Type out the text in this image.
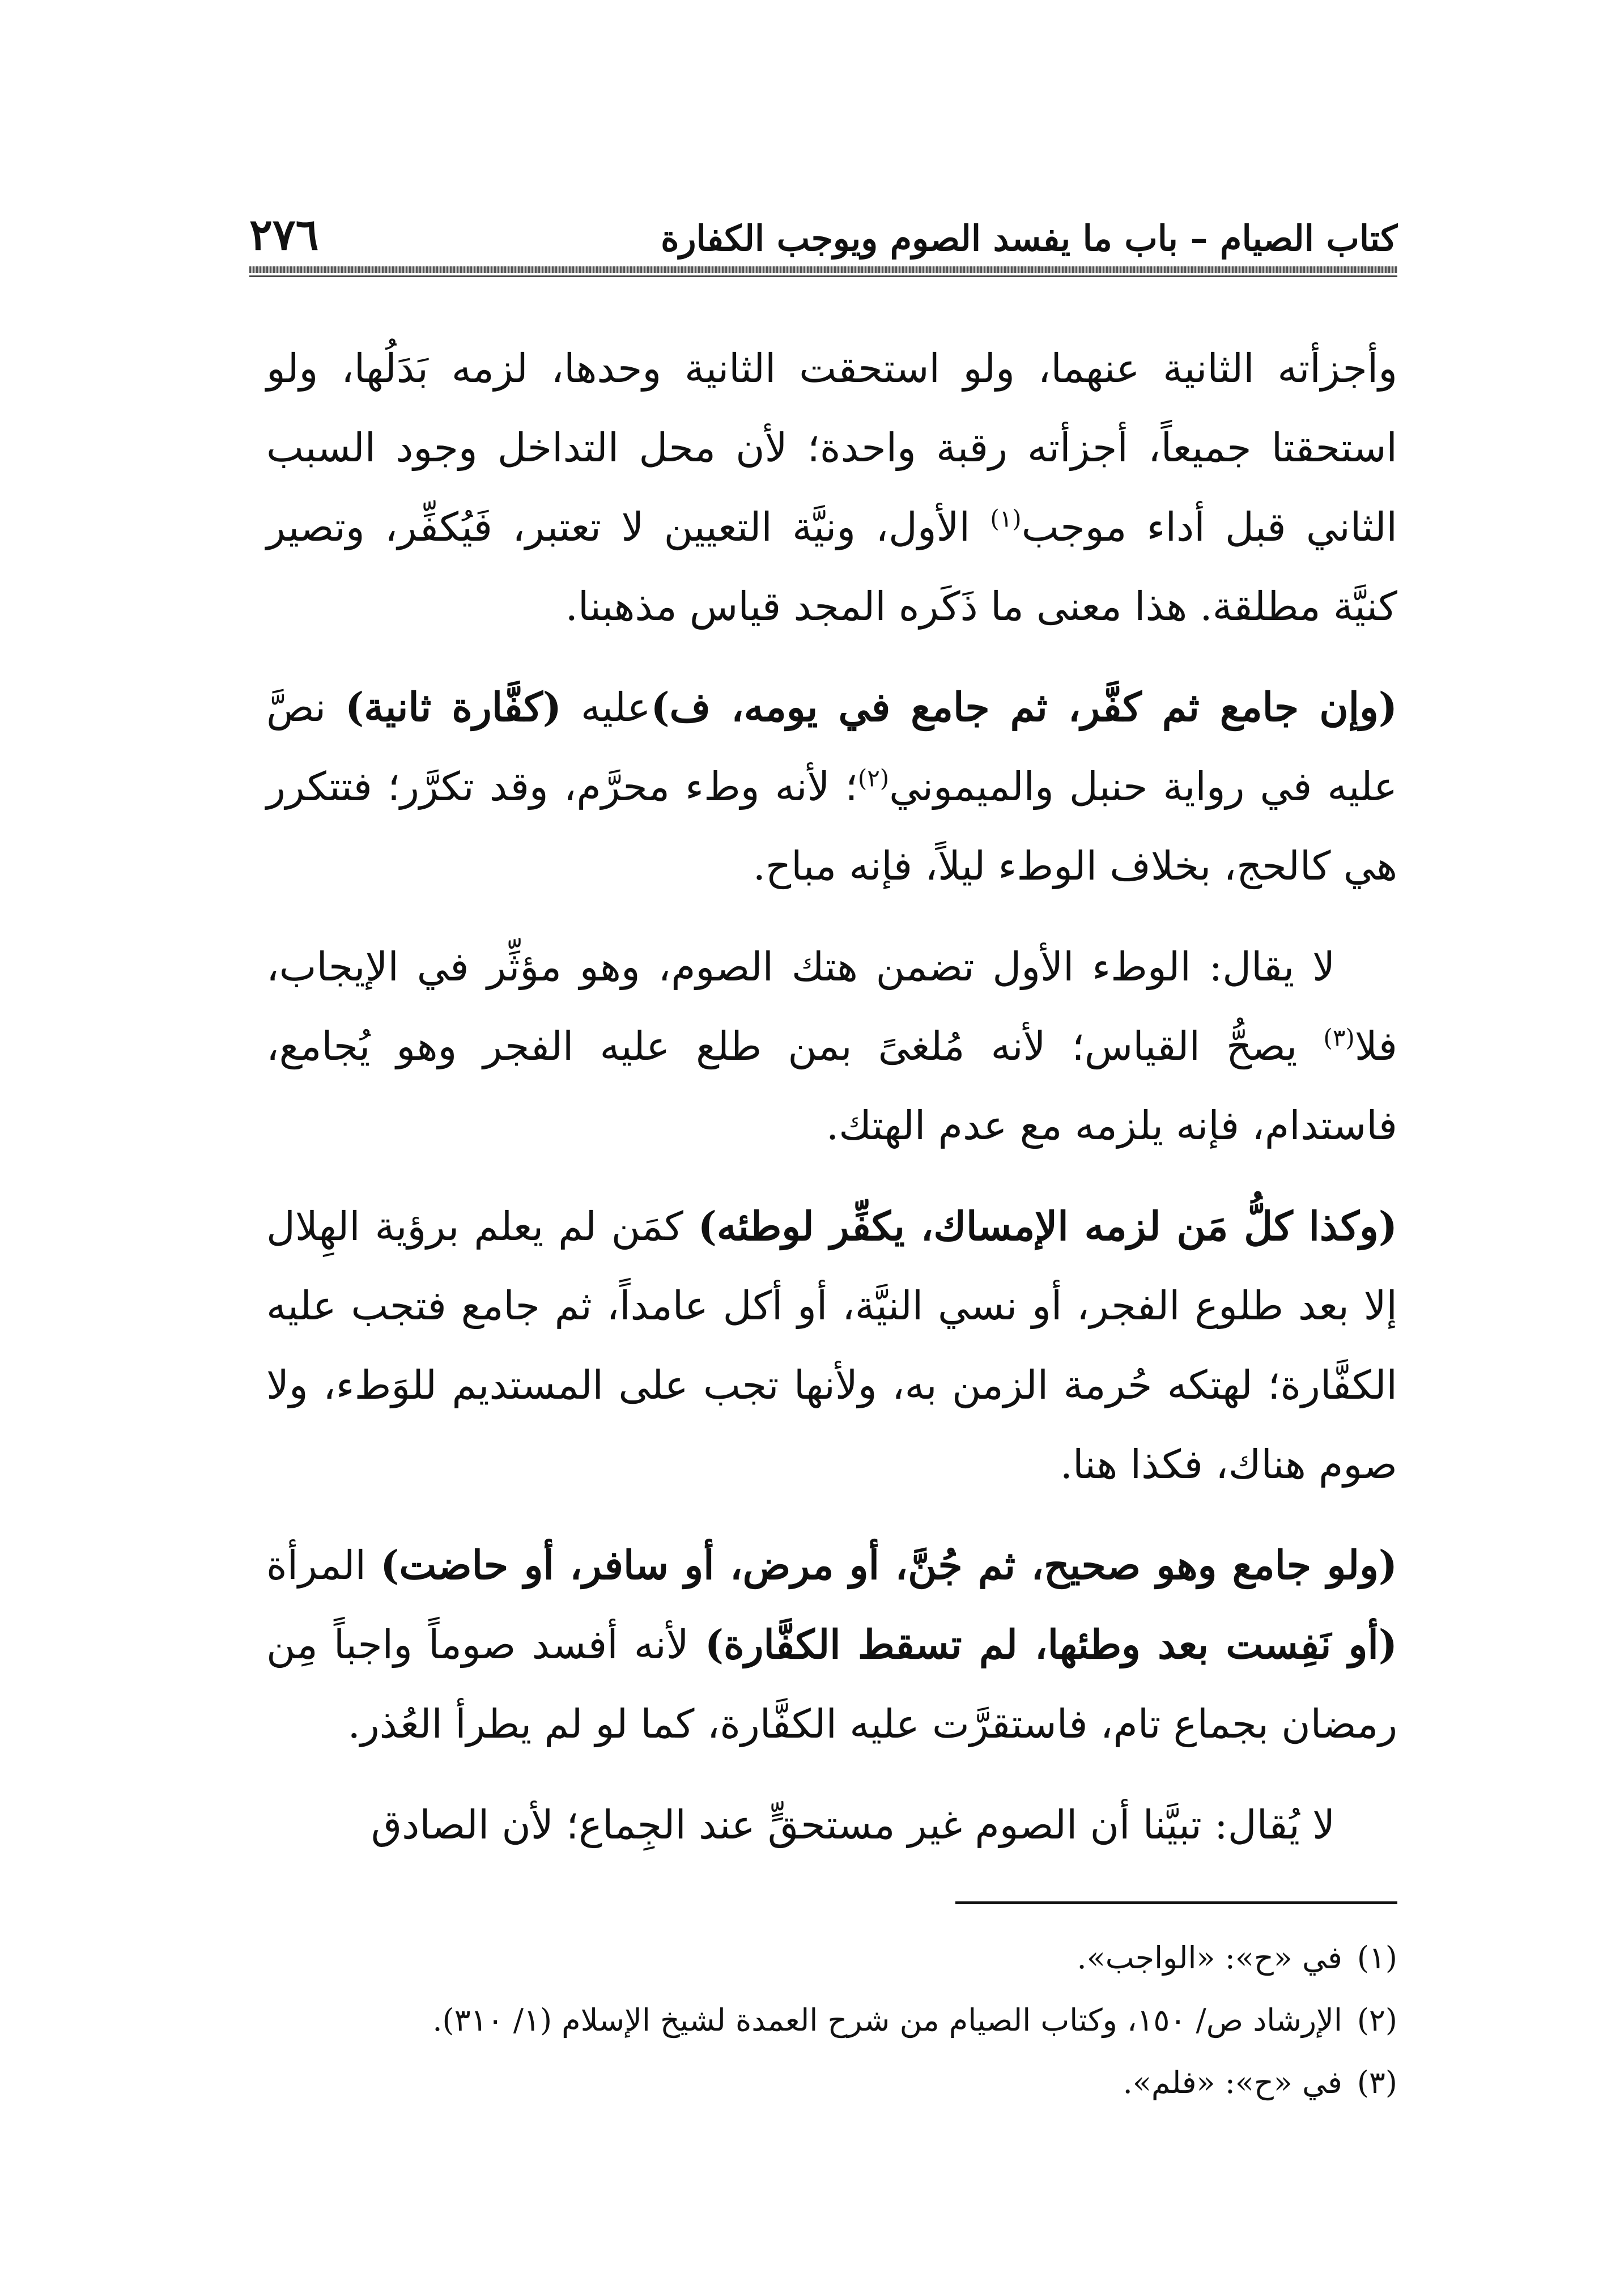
كتاب الصيام – باب ما يفسد الصوم ويوجب الكفارة
٢٧٦

وأجزأته الثانية عنهما، ولو استحقت الثانية وحدها، لزمه بَدَلُها، ولو استحقتا جميعاً، أجزأته رقبة واحدة؛ لأن محل التداخل وجود السبب الثاني قبل أداء موجب$^{(١)}$ الأول، ونيَّة التعيين لا تعتبر، فَيُكفِّر، وتصير كنيَّة مطلقة. هذا معنى ما ذَكَره المجد قياس مذهبنا.

(وإن جامع ثم كفَّر، ثم جامع في يومه، ف)عليه (كفَّارة ثانية) نصَّ عليه في رواية حنبل والميموني$^{(٢)}$؛ لأنه وطء محرَّم، وقد تكرَّر؛ فتتكرر هي كالحج، بخلاف الوطء ليلاً، فإنه مباح.

لا يقال: الوطء الأول تضمن هتك الصوم، وهو مؤثِّر في الإيجاب، فلا$^{(٣)}$ يصحُّ القياس؛ لأنه مُلغىً بمن طلع عليه الفجر وهو يُجامع، فاستدام، فإنه يلزمه مع عدم الهتك.

(وكذا كلُّ مَن لزمه الإمساك، يكفِّر لوطئه) كمَن لم يعلم برؤية الهِلال إلا بعد طلوع الفجر، أو نسي النيَّة، أو أكل عامداً، ثم جامع فتجب عليه الكفَّارة؛ لهتكه حُرمة الزمن به، ولأنها تجب على المستديم للوَطء، ولا صوم هناك، فكذا هنا.

(ولو جامع وهو صحيح، ثم جُنَّ، أو مرض، أو سافر، أو حاضت) المرأة (أو نَفِست بعد وطئها، لم تسقط الكفَّارة) لأنه أفسد صوماً واجباً مِن رمضان بجماع تام، فاستقرَّت عليه الكفَّارة، كما لو لم يطرأ العُذر.

لا يُقال: تبيَّنا أن الصوم غير مستحقٍّ عند الجِماع؛ لأن الصادق

(١)في «ح»: «الواجب».

(٢)الإرشاد ص/ ١٥٠، وكتاب الصيام من شرح العمدة لشيخ الإسلام (١/ ٣١٠).

(٣)في «ح»: «فلم».
